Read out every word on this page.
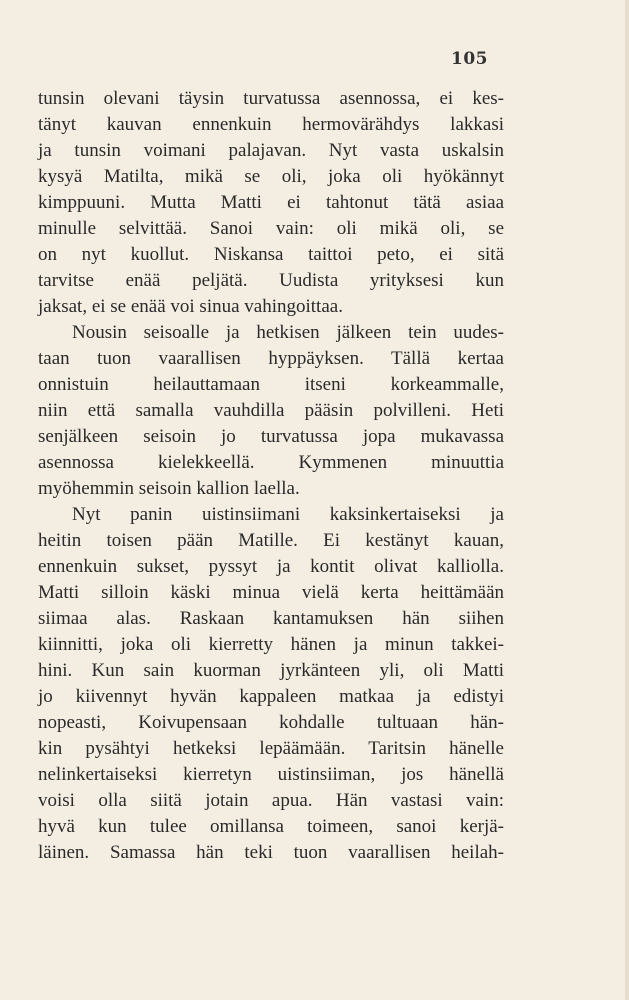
105
tunsin olevani täysin turvatussa asennossa, ei kes-
tänyt kauvan ennenkuin hermovärähdys lakkasi
ja tunsin voimani palajavan. Nyt vasta uskalsin
kysyä Matilta, mikä se oli, joka oli hyökännyt
kimppuuni. Mutta Matti ei tahtonut tätä asiaa
minulle selvittää. Sanoi vain: oli mikä oli, se
on nyt kuollut. Niskansa taittoi peto, ei sitä
tarvitse enää peljätä. Uudista yrityksesi kun
jaksat, ei se enää voi sinua vahingoittaa.
Nousin seisoalle ja hetkisen jälkeen tein uudes-
taan tuon vaarallisen hyppäyksen. Tällä kertaa
onnistuin heilauttamaan itseni korkeammalle,
niin että samalla vauhdilla pääsin polvilleni. Heti
senjälkeen seisoin jo turvatussa jopa mukavassa
asennossa kielekkeellä. Kymmenen minuuttia
myöhemmin seisoin kallion laella.
Nyt panin uistinsiimani kaksinkertaiseksi ja
heitin toisen pään Matille. Ei kestänyt kauan,
ennenkuin sukset, pyssyt ja kontit olivat kalliolla.
Matti silloin käski minua vielä kerta heittämään
siimaa alas. Raskaan kantamuksen hän siihen
kiinnitti, joka oli kierretty hänen ja minun takkei-
hini. Kun sain kuorman jyrkänteen yli, oli Matti
jo kiivennyt hyvän kappaleen matkaa ja edistyi
nopeasti, Koivupensaan kohdalle tultuaan hän-
kin pysähtyi hetkeksi lepäämään. Taritsin hänelle
nelinkertaiseksi kierretyn uistinsiiman, jos hänellä
voisi olla siitä jotain apua. Hän vastasi vain:
hyvä kun tulee omillansa toimeen, sanoi kerjä-
läinen. Samassa hän teki tuon vaarallisen heilah-
